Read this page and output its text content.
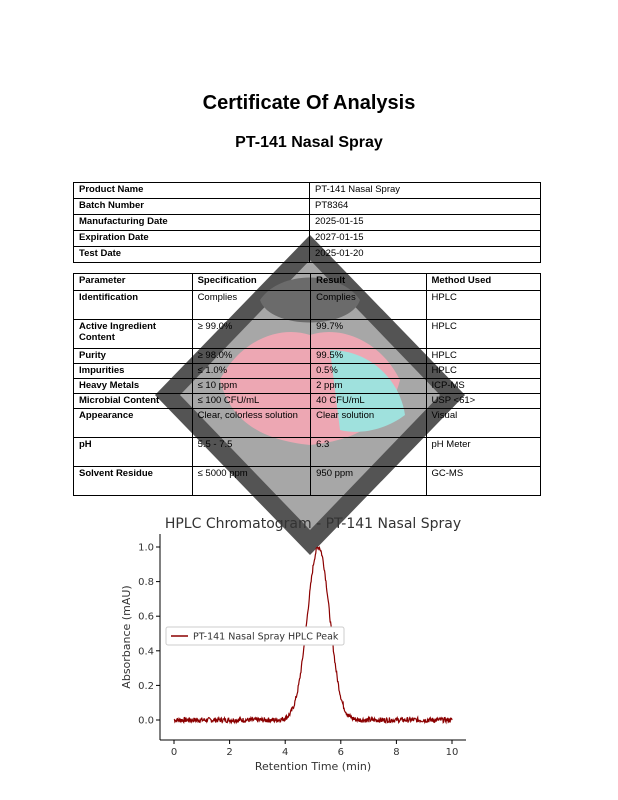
Certificate Of Analysis
PT-141 Nasal Spray
Product Name	PT-141 Nasal Spray
Batch Number	PT8364
Manufacturing Date	2025-01-15
Expiration Date	2027-01-15
Test Date	2025-01-20
Parameter	Specification	Result	Method Used
Identification	Complies	Complies	HPLC
Active Ingredient Content	≥ 99.0%	99.7%	HPLC
Purity	≥ 98.0%	99.5%	HPLC
Impurities	≤ 1.0%	0.5%	HPLC
Heavy Metals	≤ 10 ppm	2 ppm	ICP-MS
Microbial Content	≤ 100 CFU/mL	40 CFU/mL	USP <61>
Appearance	Clear, colorless solution	Clear solution	Visual
pH	5.5 - 7.5	6.3	pH Meter
Solvent Residue	≤ 5000 ppm	950 ppm	GC-MS
HPLC Chromatogram - PT-141 Nasal Spray
0	2	4	6	8	10
0.0
0.2
0.4
0.6
0.8
1.0
Retention Time (min)
Absorbance (mAU)	PT-141 Nasal Spray HPLC Peak
